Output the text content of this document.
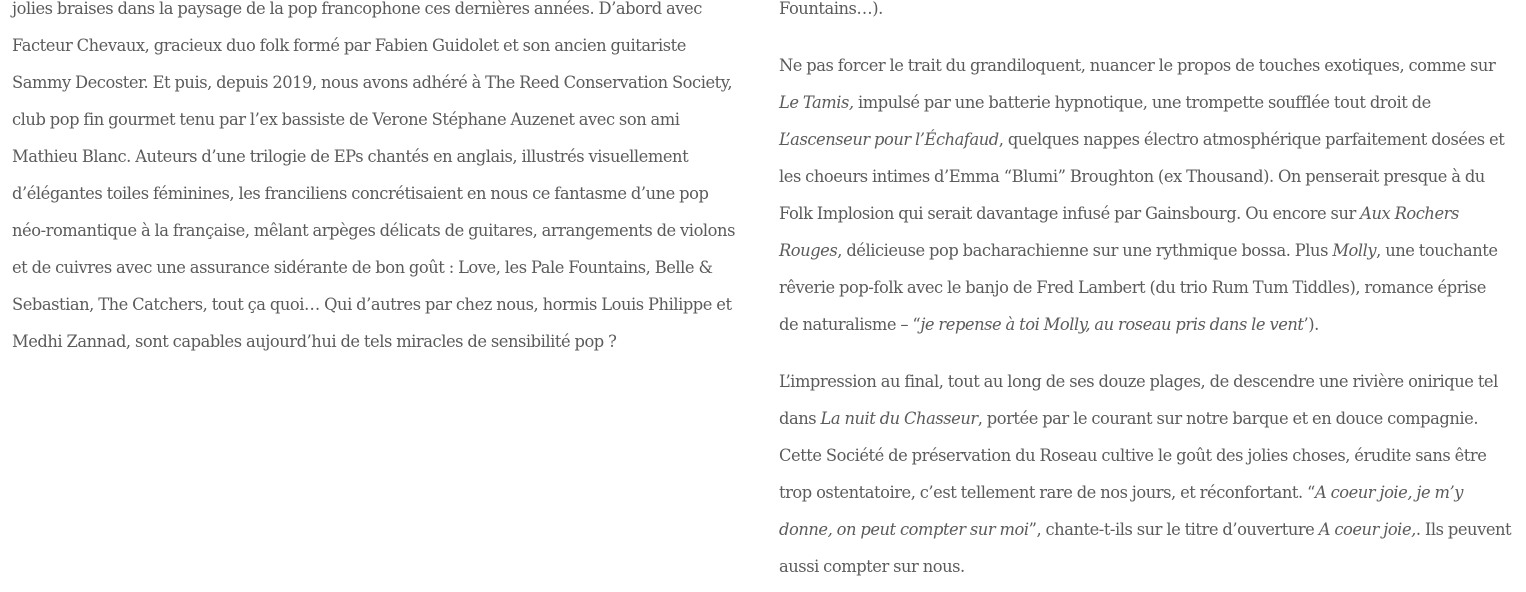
jolies braises dans la paysage de la pop francophone ces dernières années. D’abord avec
Facteur Chevaux, gracieux duo folk formé par Fabien Guidolet et son ancien guitariste
Sammy Decoster. Et puis, depuis 2019, nous avons adhéré à The Reed Conservation Society,
club pop fin gourmet tenu par l’ex bassiste de Verone Stéphane Auzenet avec son ami
Mathieu Blanc. Auteurs d’une trilogie de EPs chantés en anglais, illustrés visuellement
d’élégantes toiles féminines, les franciliens concrétisaient en nous ce fantasme d’une pop
néo-romantique à la française, mêlant arpèges délicats de guitares, arrangements de violons
et de cuivres avec une assurance sidérante de bon goût : Love, les Pale Fountains, Belle &
Sebastian, The Catchers, tout ça quoi… Qui d’autres par chez nous, hormis Louis Philippe et
Medhi Zannad, sont capables aujourd’hui de tels miracles de sensibilité pop ?
Fountains…).
Ne pas forcer le trait du grandiloquent, nuancer le propos de touches exotiques, comme sur
Le Tamis, impulsé par une batterie hypnotique, une trompette soufflée tout droit de
L’ascenseur pour l’Échafaud, quelques nappes électro atmosphérique parfaitement dosées et
les choeurs intimes d’Emma “Blumi” Broughton (ex Thousand). On penserait presque à du
Folk Implosion qui serait davantage infusé par Gainsbourg. Ou encore sur Aux Rochers
Rouges, délicieuse pop bacharachienne sur une rythmique bossa. Plus Molly, une touchante
rêverie pop-folk avec le banjo de Fred Lambert (du trio Rum Tum Tiddles), romance éprise
de naturalisme – “je repense à toi Molly, au roseau pris dans le vent’).
L’impression au final, tout au long de ses douze plages, de descendre une rivière onirique tel
dans La nuit du Chasseur, portée par le courant sur notre barque et en douce compagnie.
Cette Société de préservation du Roseau cultive le goût des jolies choses, érudite sans être
trop ostentatoire, c’est tellement rare de nos jours, et réconfortant. “A coeur joie, je m’y
donne, on peut compter sur moi”, chante-t-ils sur le titre d’ouverture A coeur joie,. Ils peuvent
aussi compter sur nous.
